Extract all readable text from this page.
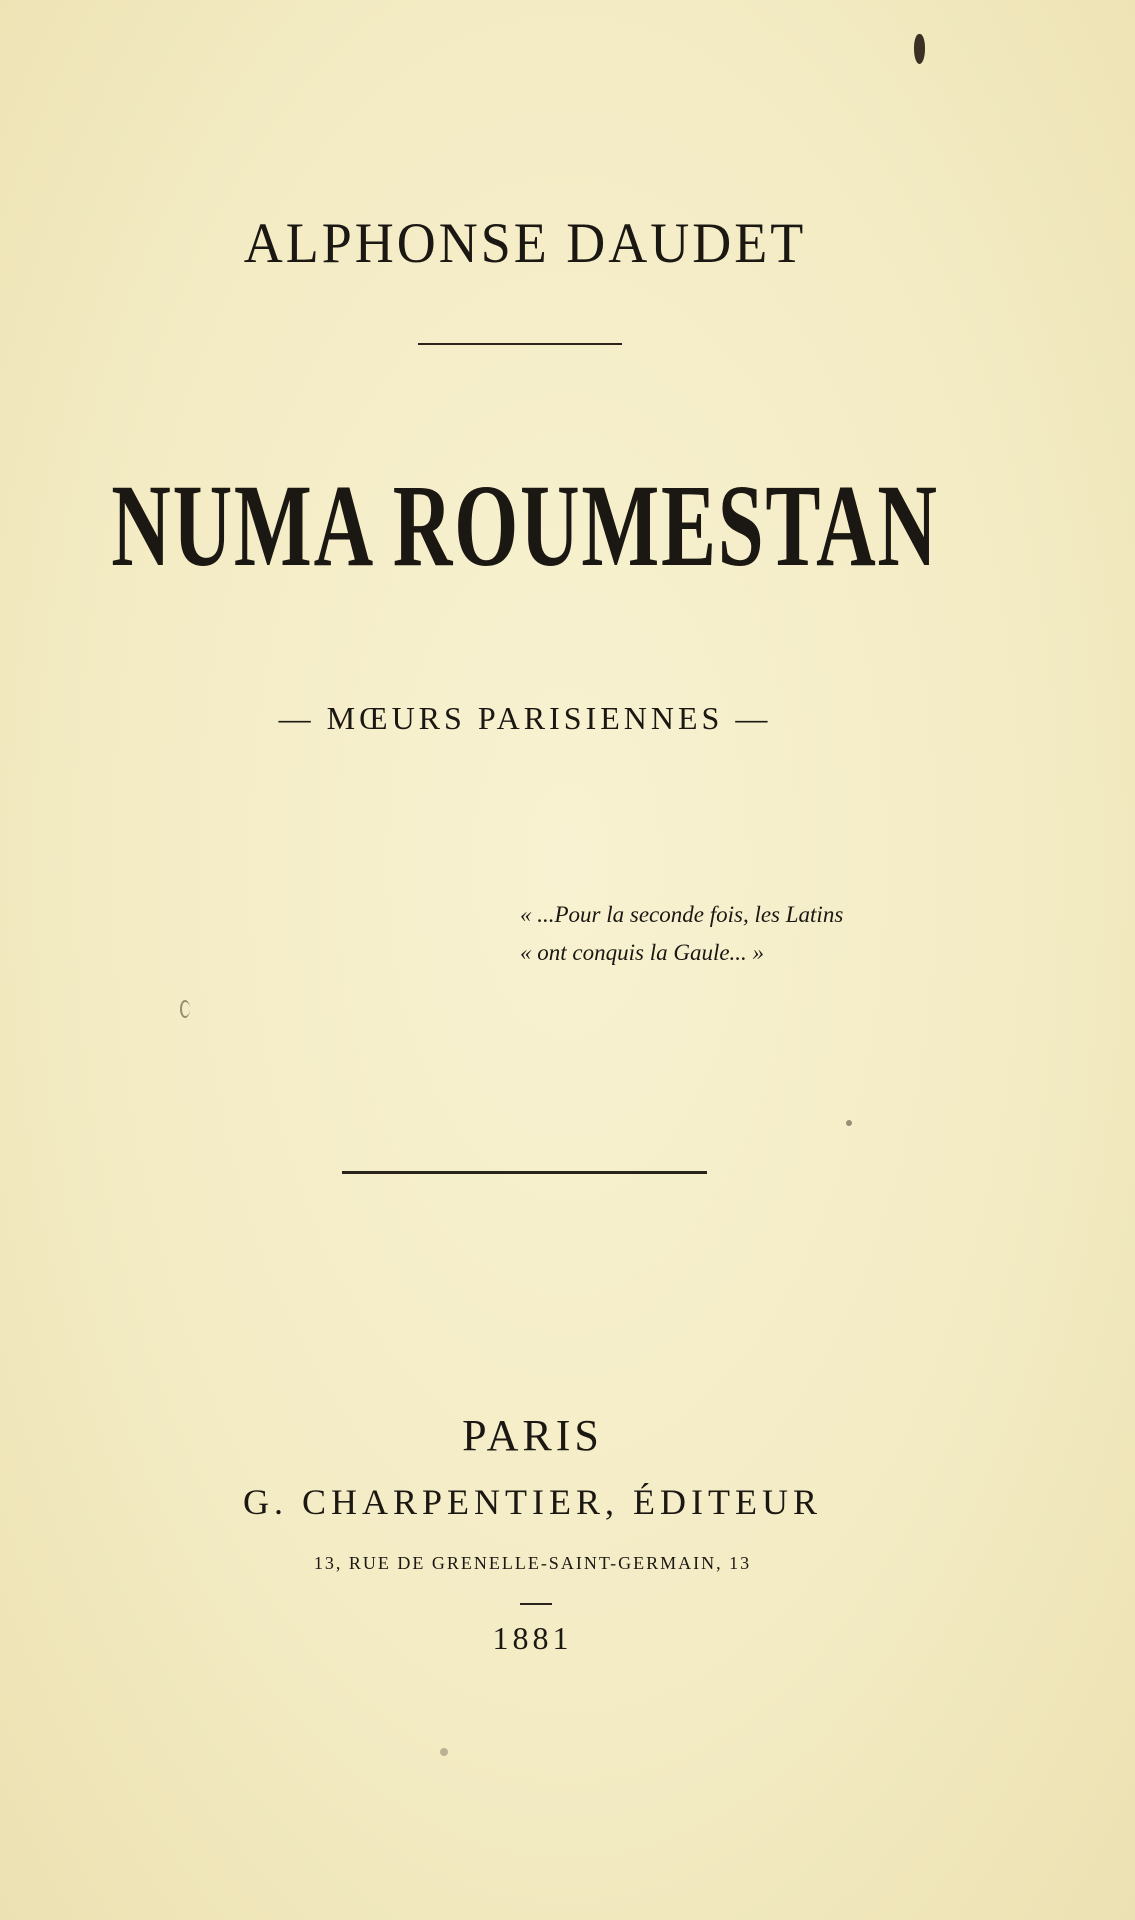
ALPHONSE DAUDET
NUMA ROUMESTAN
— MŒURS PARISIENNES —
« ...Pour la seconde fois, les Latins
« ont conquis la Gaule... »
PARIS
G. CHARPENTIER, ÉDITEUR
13, RUE DE GRENELLE-SAINT-GERMAIN, 13
1881
